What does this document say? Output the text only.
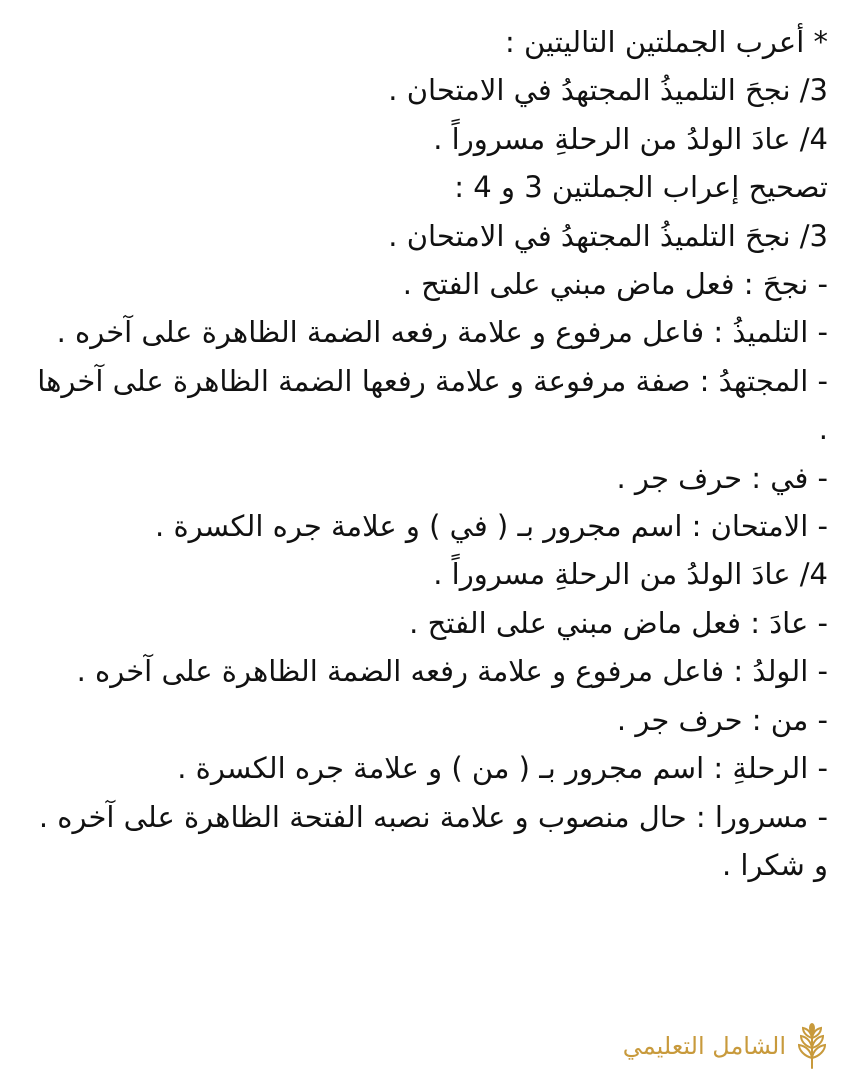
* أعرب الجملتين التاليتين :
3/ نجحَ التلميذُ المجتهدُ في الامتحان .
4/ عادَ الولدُ من الرحلةِ مسروراً .
تصحيح إعراب الجملتين 3 و 4 :
3/ نجحَ التلميذُ المجتهدُ في الامتحان .
- نجحَ : فعل ماض مبني على الفتح .
- التلميذُ : فاعل مرفوع و علامة رفعه الضمة الظاهرة على آخره .
- المجتهدُ : صفة مرفوعة و علامة رفعها الضمة الظاهرة على آخرها .
- في : حرف جر .
- الامتحان : اسم مجرور بـ ( في ) و علامة جره الكسرة .
4/ عادَ الولدُ من الرحلةِ مسروراً .
- عادَ : فعل ماض مبني على الفتح .
- الولدُ : فاعل مرفوع و علامة رفعه الضمة الظاهرة على آخره .
- من : حرف جر .
- الرحلةِ : اسم مجرور بـ ( من ) و علامة جره الكسرة .
- مسرورا : حال منصوب و علامة نصبه الفتحة الظاهرة على آخره .
و شكرا .
الشامل التعليمي
